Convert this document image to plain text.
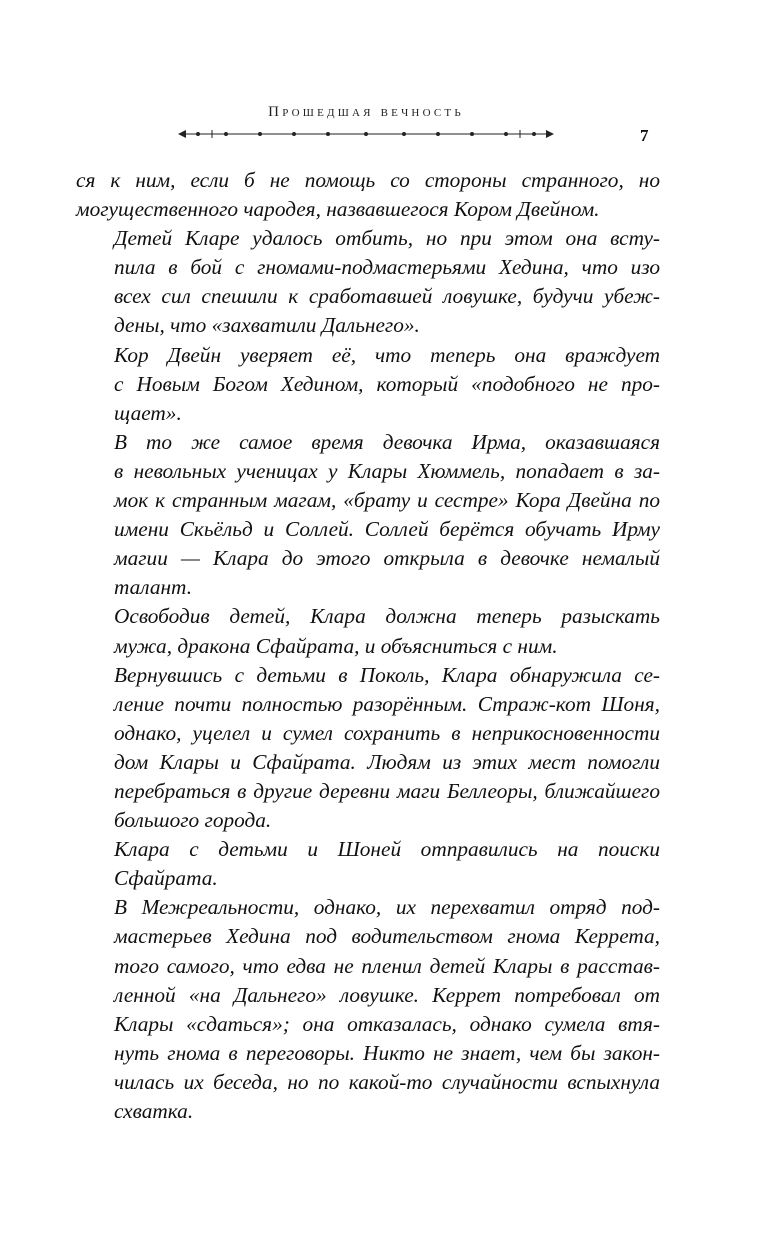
Прошедшая вечность
7

ся к ним, если б не помощь со стороны странного, но
могущественного чародея, назвавшегося Кором Двейном.

Детей Кларе удалось отбить, но при этом она всту-
пила в бой с гномами-подмастерьями Хедина, что изо
всех сил спешили к сработавшей ловушке, будучи убеж-
дены, что «захватили Дальнего».

Кор Двейн уверяет её, что теперь она враждует
с Новым Богом Хедином, который «подобного не про-
щает».

В то же самое время девочка Ирма, оказавшаяся
в невольных ученицах у Клары Хюммель, попадает в за-
мок к странным магам, «брату и сестре» Кора Двейна по
имени Скьёльд и Соллей. Соллей берётся обучать Ирму
магии — Клара до этого открыла в девочке немалый
талант.

Освободив детей, Клара должна теперь разыскать
мужа, дракона Сфайрата, и объясниться с ним.

Вернувшись с детьми в Поколь, Клара обнаружила се-
ление почти полностью разорённым. Страж-кот Шоня,
однако, уцелел и сумел сохранить в неприкосновенности
дом Клары и Сфайрата. Людям из этих мест помогли
перебраться в другие деревни маги Беллеоры, ближайшего
большого города.

Клара с детьми и Шоней отправились на поиски
Сфайрата.

В Межреальности, однако, их перехватил отряд под-
мастерьев Хедина под водительством гнома Керрета,
того самого, что едва не пленил детей Клары в расстав-
ленной «на Дальнего» ловушке. Керрет потребовал от
Клары «сдаться»; она отказалась, однако сумела втя-
нуть гнома в переговоры. Никто не знает, чем бы закон-
чилась их беседа, но по какой-то случайности вспыхнула
схватка.
